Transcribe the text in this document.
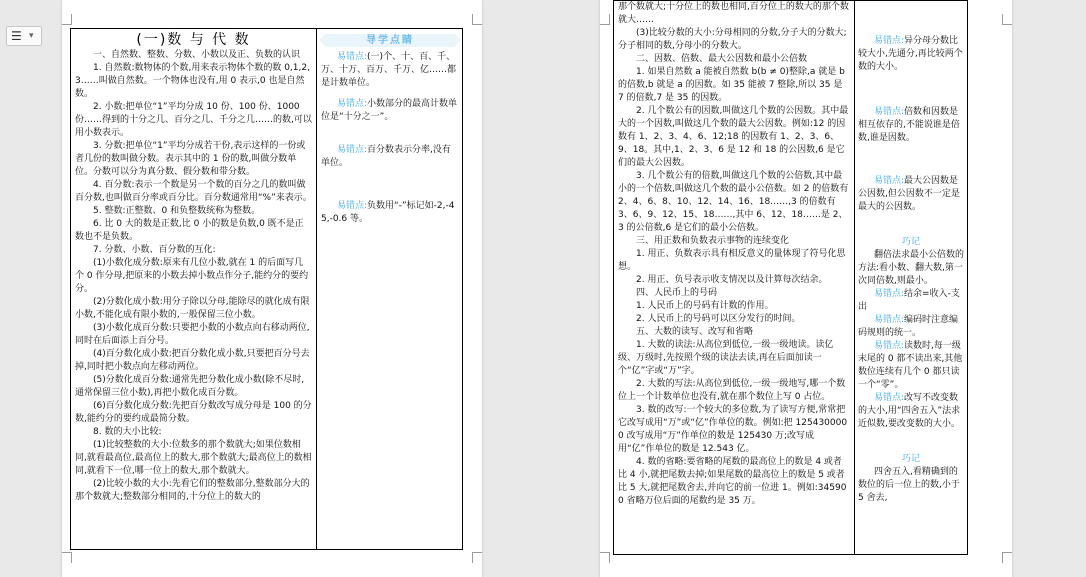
☰ ▾	(一)数 与 代 数

一、自然数、整数、分数、小数以及正、负数的认识

1. 自然数:数物体的个数,用来表示物体个数的数 0,1,2,3……叫做自然数。一个物体也没有,用 0 表示,0 也是自然数。

2. 小数:把单位“1”平均分成 10 份、100 份、1000 份……得到的十分之几、百分之几、千分之几……的数,可以用小数表示。

3. 分数:把单位“1”平均分成若干份,表示这样的一份或者几份的数叫做分数。表示其中的 1 份的数,叫做分数单位。分数可以分为真分数、假分数和带分数。

4. 百分数:表示一个数是另一个数的百分之几的数叫做百分数,也叫做百分率或百分比。百分数通常用“%”来表示。

5. 整数:正整数、0 和负整数统称为整数。

6. 比 0 大的数是正数,比 0 小的数是负数,0 既不是正数也不是负数。

7. 分数、小数、百分数的互化:

(1)小数化成分数:原来有几位小数,就在 1 的后面写几个 0 作分母,把原来的小数去掉小数点作分子,能约分的要约分。

(2)分数化成小数:用分子除以分母,能除尽的就化成有限小数,不能化成有限小数的,一般保留三位小数。

(3)小数化成百分数:只要把小数的小数点向右移动两位,同时在后面添上百分号。

(4)百分数化成小数:把百分数化成小数,只要把百分号去掉,同时把小数点向左移动两位。

(5)分数化成百分数:通常先把分数化成小数(除不尽时,通常保留三位小数),再把小数化成百分数。

(6)百分数化成分数:先把百分数改写成分母是 100 的分数,能约分的要约成最简分数。

8. 数的大小比较:

(1)比较整数的大小:位数多的那个数就大;如果位数相同,就看最高位,最高位上的数大,那个数就大;最高位上的数相同,就看下一位,哪一位上的数大,那个数就大。

(2)比较小数的大小:先看它们的整数部分,整数部分大的那个数就大;整数部分相同的,十分位上的数大的

导学点睛

易错点:(一)个、十、百、千、万、十万、百万、千万、亿……都是计数单位。

易错点:小数部分的最高计数单位是“十分之一”。

易错点:百分数表示分率,没有单位。

易错点:负数用“-”标记如-2,-45,-0.6 等。

那个数就大;十分位上的数也相同,百分位上的数大的那个数就大……

(3)比较分数的大小:分母相同的分数,分子大的分数大;分子相同的数,分母小的分数大。

二、因数、倍数、最大公因数和最小公倍数

1. 如果自然数 a 能被自然数 b(b ≠ 0)整除,a 就是 b 的倍数,b 就是 a 的因数。如 35 能被 7 整除,所以 35 是 7 的倍数,7 是 35 的因数。

2. 几个数公有的因数,叫做这几个数的公因数。其中最大的一个因数,叫做这几个数的最大公因数。例如:12 的因数有 1、2、3、4、6、12;18 的因数有 1、2、3、6、9、18。其中,1、2、3、6 是 12 和 18 的公因数,6 是它们的最大公因数。

3. 几个数公有的倍数,叫做这几个数的公倍数,其中最小的一个倍数,叫做这几个数的最小公倍数。如 2 的倍数有 2、4、6、8、10、12、14、16、18……,3 的倍数有 3、6、9、12、15、18……,其中 6、12、18……是 2、3 的公倍数,6 是它们的最小公倍数。

三、用正数和负数表示事物的连续变化

1. 用正、负数表示具有相反意义的量体现了符号化思想。

2. 用正、负号表示收支情况以及计算每次结余。

四、人民币上的号码

1. 人民币上的号码有计数的作用。

2. 人民币上的号码可以区分发行的时间。

五、大数的读写、改写和省略

1. 大数的读法:从高位到低位,一级一级地读。读亿级、万级时,先按照个级的读法去读,再在后面加读一个“亿”字或“万”字。

2. 大数的写法:从高位到低位,一级一级地写,哪一个数位上一个计数单位也没有,就在那个数位上写 0 占位。

3. 数的改写:一个较大的多位数,为了读写方便,常常把它改写成用“万”或“亿”作单位的数。例如:把 1254300000 改写成用“万”作单位的数是 125430 万;改写成用“亿”作单位的数是 12.543 亿。

4. 数的省略:要省略的尾数的最高位上的数是 4 或者比 4 小,就把尾数去掉;如果尾数的最高位上的数是 5 或者比 5 大,就把尾数舍去,并向它的前一位进 1。例如:345900 省略万位后面的尾数约是 35 万。

易错点:异分母分数比较大小,先通分,再比较两个数的大小。

易错点:倍数和因数是相互依存的,不能说谁是倍数,谁是因数。

易错点:最大公因数是公因数,但公因数不一定是最大的公因数。

巧记

翻倍法求最小公倍数的方法:看小数、翻大数,第一次同倍数,则最小。

易错点:结余=收入-支出

易错点:编码时注意编码规则的统一。

易错点:读数时,每一级末尾的 0 都不读出来,其他数位连续有几个 0 都只读一个“零”。

易错点:改写不改变数的大小,用“四舍五入”法求近似数,要改变数的大小。

巧记

四舍五入,看精确到的数位的后一位上的数,小于 5 舍去,
